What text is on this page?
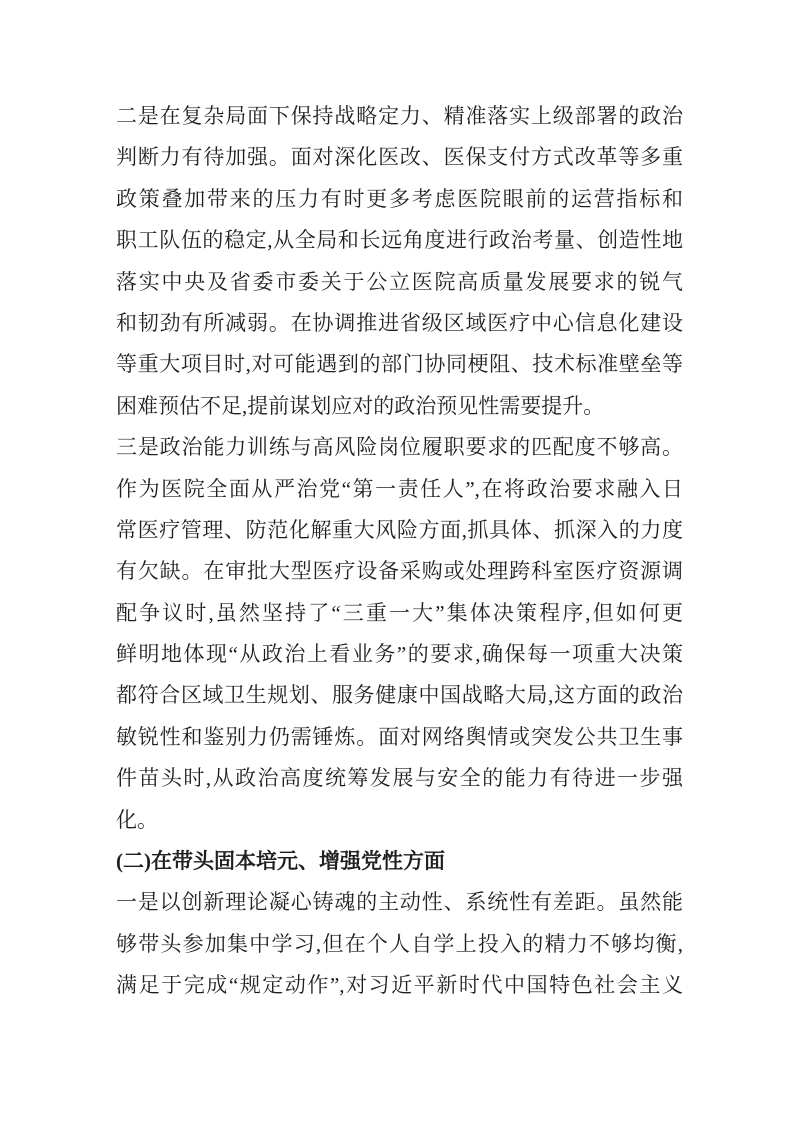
二是在复杂局面下保持战略定力、精准落实上级部署的政治
判断力有待加强。面对深化医改、医保支付方式改革等多重
政策叠加带来的压力有时更多考虑医院眼前的运营指标和
职工队伍的稳定,从全局和长远角度进行政治考量、创造性地
落实中央及省委市委关于公立医院高质量发展要求的锐气
和韧劲有所减弱。在协调推进省级区域医疗中心信息化建设
等重大项目时,对可能遇到的部门协同梗阻、技术标准壁垒等
困难预估不足,提前谋划应对的政治预见性需要提升。
三是政治能力训练与高风险岗位履职要求的匹配度不够高。
作为医院全面从严治党“第一责任人”,在将政治要求融入日
常医疗管理、防范化解重大风险方面,抓具体、抓深入的力度
有欠缺。在审批大型医疗设备采购或处理跨科室医疗资源调
配争议时,虽然坚持了“三重一大”集体决策程序,但如何更
鲜明地体现“从政治上看业务”的要求,确保每一项重大决策
都符合区域卫生规划、服务健康中国战略大局,这方面的政治
敏锐性和鉴别力仍需锤炼。面对网络舆情或突发公共卫生事
件苗头时,从政治高度统筹发展与安全的能力有待进一步强
化。
(二)在带头固本培元、增强党性方面
一是以创新理论凝心铸魂的主动性、系统性有差距。虽然能
够带头参加集中学习,但在个人自学上投入的精力不够均衡,
满足于完成“规定动作”,对习近平新时代中国特色社会主义
